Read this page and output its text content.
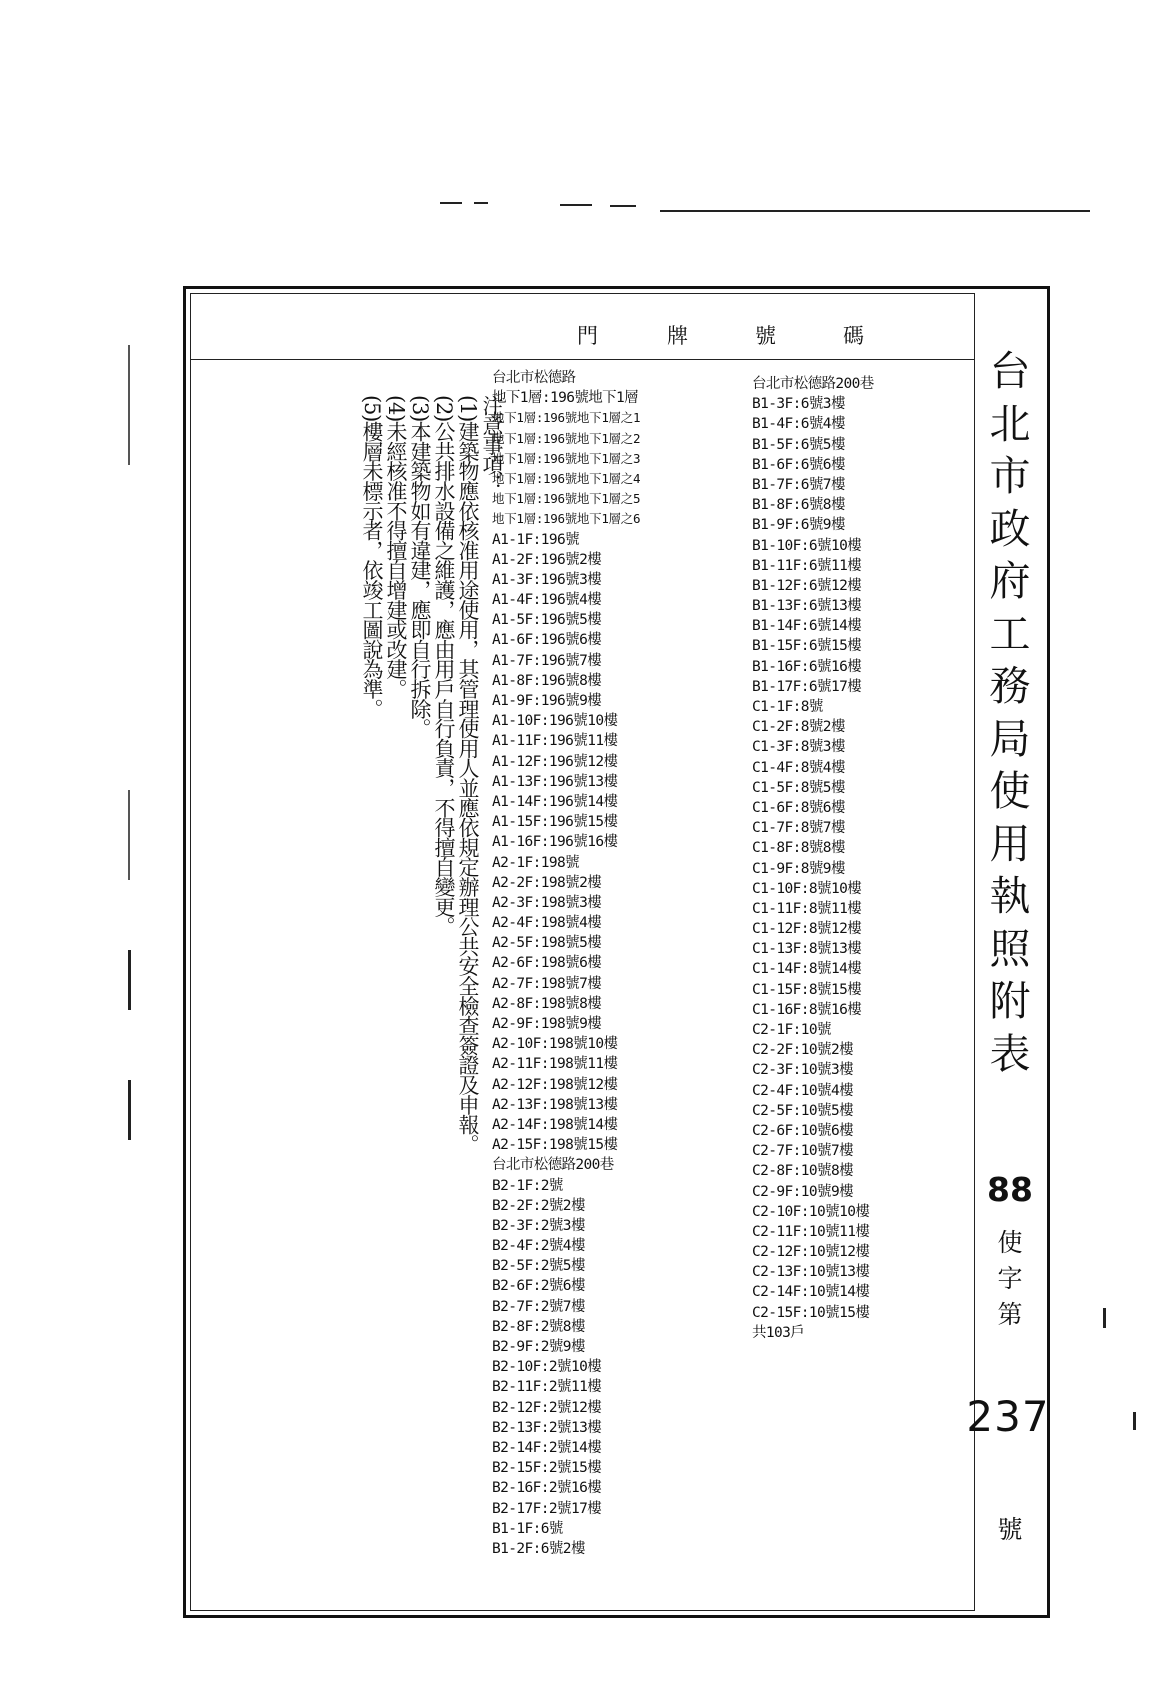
門	牌	號	碼

注意事項：

(1)建築物應依核准用途使用，其管理使用人並應依規定辦理公共安全檢查簽證及申報。

(2)公共排水設備之維護，應由用戶自行負責，不得擅自變更。

(3)本建築物如有違建，應即自行拆除。

(4)未經核准不得擅自增建或改建。

(5)樓層未標示者，依竣工圖說為準。

台北市松德路
地下1層:196號地下1層
地下1層:196號地下1層之1
地下1層:196號地下1層之2
地下1層:196號地下1層之3
地下1層:196號地下1層之4
地下1層:196號地下1層之5
地下1層:196號地下1層之6
A1-1F:196號
A1-2F:196號2樓
A1-3F:196號3樓
A1-4F:196號4樓
A1-5F:196號5樓
A1-6F:196號6樓
A1-7F:196號7樓
A1-8F:196號8樓
A1-9F:196號9樓
A1-10F:196號10樓
A1-11F:196號11樓
A1-12F:196號12樓
A1-13F:196號13樓
A1-14F:196號14樓
A1-15F:196號15樓
A1-16F:196號16樓
A2-1F:198號
A2-2F:198號2樓
A2-3F:198號3樓
A2-4F:198號4樓
A2-5F:198號5樓
A2-6F:198號6樓
A2-7F:198號7樓
A2-8F:198號8樓
A2-9F:198號9樓
A2-10F:198號10樓
A2-11F:198號11樓
A2-12F:198號12樓
A2-13F:198號13樓
A2-14F:198號14樓
A2-15F:198號15樓
台北市松德路200巷
B2-1F:2號
B2-2F:2號2樓
B2-3F:2號3樓
B2-4F:2號4樓
B2-5F:2號5樓
B2-6F:2號6樓
B2-7F:2號7樓
B2-8F:2號8樓
B2-9F:2號9樓
B2-10F:2號10樓
B2-11F:2號11樓
B2-12F:2號12樓
B2-13F:2號13樓
B2-14F:2號14樓
B2-15F:2號15樓
B2-16F:2號16樓
B2-17F:2號17樓
B1-1F:6號
B1-2F:6號2樓
台北市松德路200巷
B1-3F:6號3樓
B1-4F:6號4樓
B1-5F:6號5樓
B1-6F:6號6樓
B1-7F:6號7樓
B1-8F:6號8樓
B1-9F:6號9樓
B1-10F:6號10樓
B1-11F:6號11樓
B1-12F:6號12樓
B1-13F:6號13樓
B1-14F:6號14樓
B1-15F:6號15樓
B1-16F:6號16樓
B1-17F:6號17樓
C1-1F:8號
C1-2F:8號2樓
C1-3F:8號3樓
C1-4F:8號4樓
C1-5F:8號5樓
C1-6F:8號6樓
C1-7F:8號7樓
C1-8F:8號8樓
C1-9F:8號9樓
C1-10F:8號10樓
C1-11F:8號11樓
C1-12F:8號12樓
C1-13F:8號13樓
C1-14F:8號14樓
C1-15F:8號15樓
C1-16F:8號16樓
C2-1F:10號
C2-2F:10號2樓
C2-3F:10號3樓
C2-4F:10號4樓
C2-5F:10號5樓
C2-6F:10號6樓
C2-7F:10號7樓
C2-8F:10號8樓
C2-9F:10號9樓
C2-10F:10號10樓
C2-11F:10號11樓
C2-12F:10號12樓
C2-13F:10號13樓
C2-14F:10號14樓
C2-15F:10號15樓
共103戶
台
北
市
政
府
工
務
局
使
用
執
照
附
表
88
使
字
第
237
號
